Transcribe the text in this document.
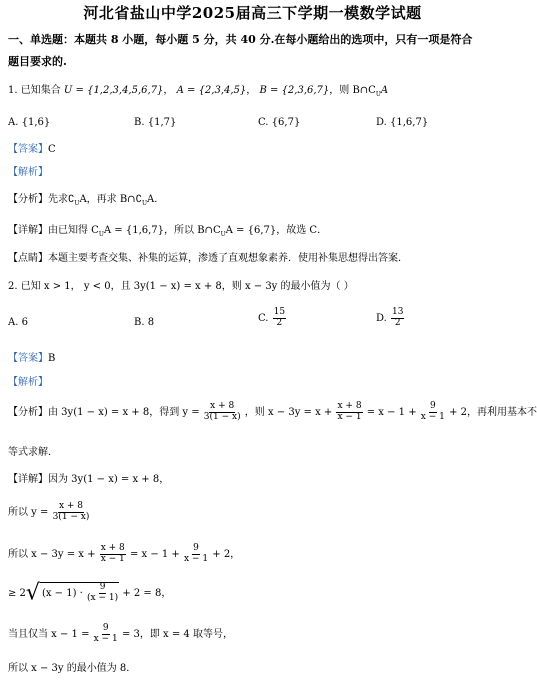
河北省盐山中学2025届高三下学期一模数学试题
一、单选题：本题共 8 小题，每小题 5 分，共 40 分.在每小题给出的选项中，只有一项是符合
题目要求的.
1. 已知集合 U = {1,2,3,4,5,6,7}， A = {2,3,4,5}， B = {2,3,6,7}，则 $B\cap C_UA$
A. {1,6}	B. {1,7}	C. {6,7}	D. {1,6,7}
【答案】C
【解析】
【分析】先求$∁_UA$，再求 $B\cap∁_UA$．
【详解】由已知得 $C_UA = \{1,6,7\}$，所以 $B\cap C_UA = \{6,7\}$，故选 C．
【点睛】本题主要考查交集、补集的运算，渗透了直观想象素养．使用补集思想得出答案．
2. 已知 x > 1， y < 0，且 3y(1 − x) = x + 8，则 x − 3y 的最小值为（ ）
A. 6	B. 8	C. $\frac{15}{2}$	D. $\frac{13}{2}$
【答案】B
【解析】
【分析】由 3y(1 − x) = x + 8，得到 $y = \frac{x + 8}{3(1 - x)}$ ，则 $x - 3y = x + \frac{x + 8}{x - 1} = x - 1 + \frac{9}{x - 1} + 2$，再利用基本不
等式求解．
【详解】因为 3y(1 − x) = x + 8，
所以 $y = \frac{x + 8}{3(1 - x)}$
所以 $x - 3y = x + \frac{x + 8}{x - 1} = x - 1 + \frac{9}{x - 1} + 2$，
≥ 2√ $(x - 1) \cdot \frac{9}{(x - 1)} + 2 = 8$，
当且仅当 $x - 1 = \frac{9}{x - 1} = 3$，即 x = 4 取等号，
所以 x − 3y 的最小值为 8．
